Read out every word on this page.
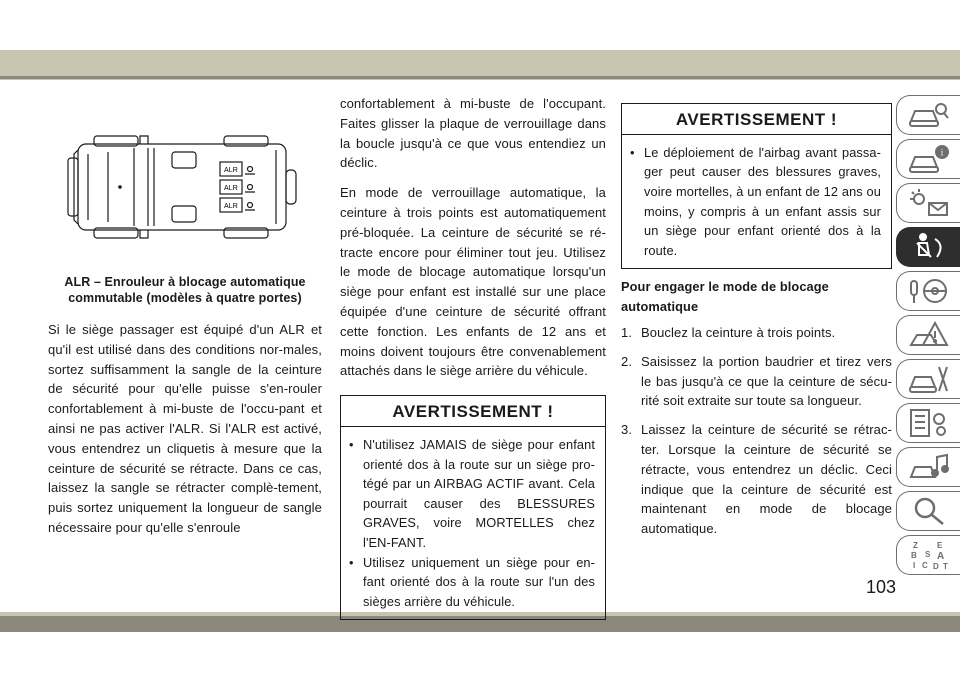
ALR
ALR
ALR
ALR – Enrouleur à blocage automatique commutable (modèles à quatre portes)

Si le siège passager est équipé d'un ALR et qu'il est utilisé dans des conditions nor-males, sortez suffisamment la sangle de la ceinture de sécurité pour qu'elle puisse s'en-rouler confortablement à mi-buste de l'occu-pant et ainsi ne pas activer l'ALR. Si l'ALR est activé, vous entendrez un cliquetis à mesure que la ceinture de sécurité se rétracte. Dans ce cas, laissez la sangle se rétracter complè-tement, puis sortez uniquement la longueur de sangle nécessaire pour qu'elle s'enroule

confortablement à mi-buste de l'occupant. Faites glisser la plaque de verrouillage dans la boucle jusqu'à ce que vous entendiez un déclic.

En mode de verrouillage automatique, la ceinture à trois points est automatiquement pré-bloquée. La ceinture de sécurité se ré-tracte encore pour éliminer tout jeu. Utilisez le mode de blocage automatique lorsqu'un siège pour enfant est installé sur une place équipée d'une ceinture de sécurité offrant cette fonction. Les enfants de 12 ans et moins doivent toujours être convenablement attachés dans le siège arrière du véhicule.

AVERTISSEMENT !
• N'utilisez JAMAIS de siège pour enfant orienté dos à la route sur un siège pro-tégé par un AIRBAG ACTIF avant. Cela pourrait causer des BLESSURES GRAVES, voire MORTELLES chez l'EN-FANT.
• Utilisez uniquement un siège pour en-fant orienté dos à la route sur l'un des sièges arrière du véhicule.
AVERTISSEMENT !
• Le déploiement de l'airbag avant passa-ger peut causer des blessures graves, voire mortelles, à un enfant de 12 ans ou moins, y compris à un enfant assis sur un siège pour enfant orienté dos à la route.
Pour engager le mode de blocage automatique
1. Bouclez la ceinture à trois points.
2. Saisissez la portion baudrier et tirez vers le bas jusqu'à ce que la ceinture de sécu-rité soit extraite sur toute sa longueur.
3. Laissez la ceinture de sécurité se rétrac-ter. Lorsque la ceinture de sécurité se rétracte, vous entendrez un déclic. Ceci indique que la ceinture de sécurité est maintenant en mode de blocage automatique.
i
Z E
B S A
I C D T
103
